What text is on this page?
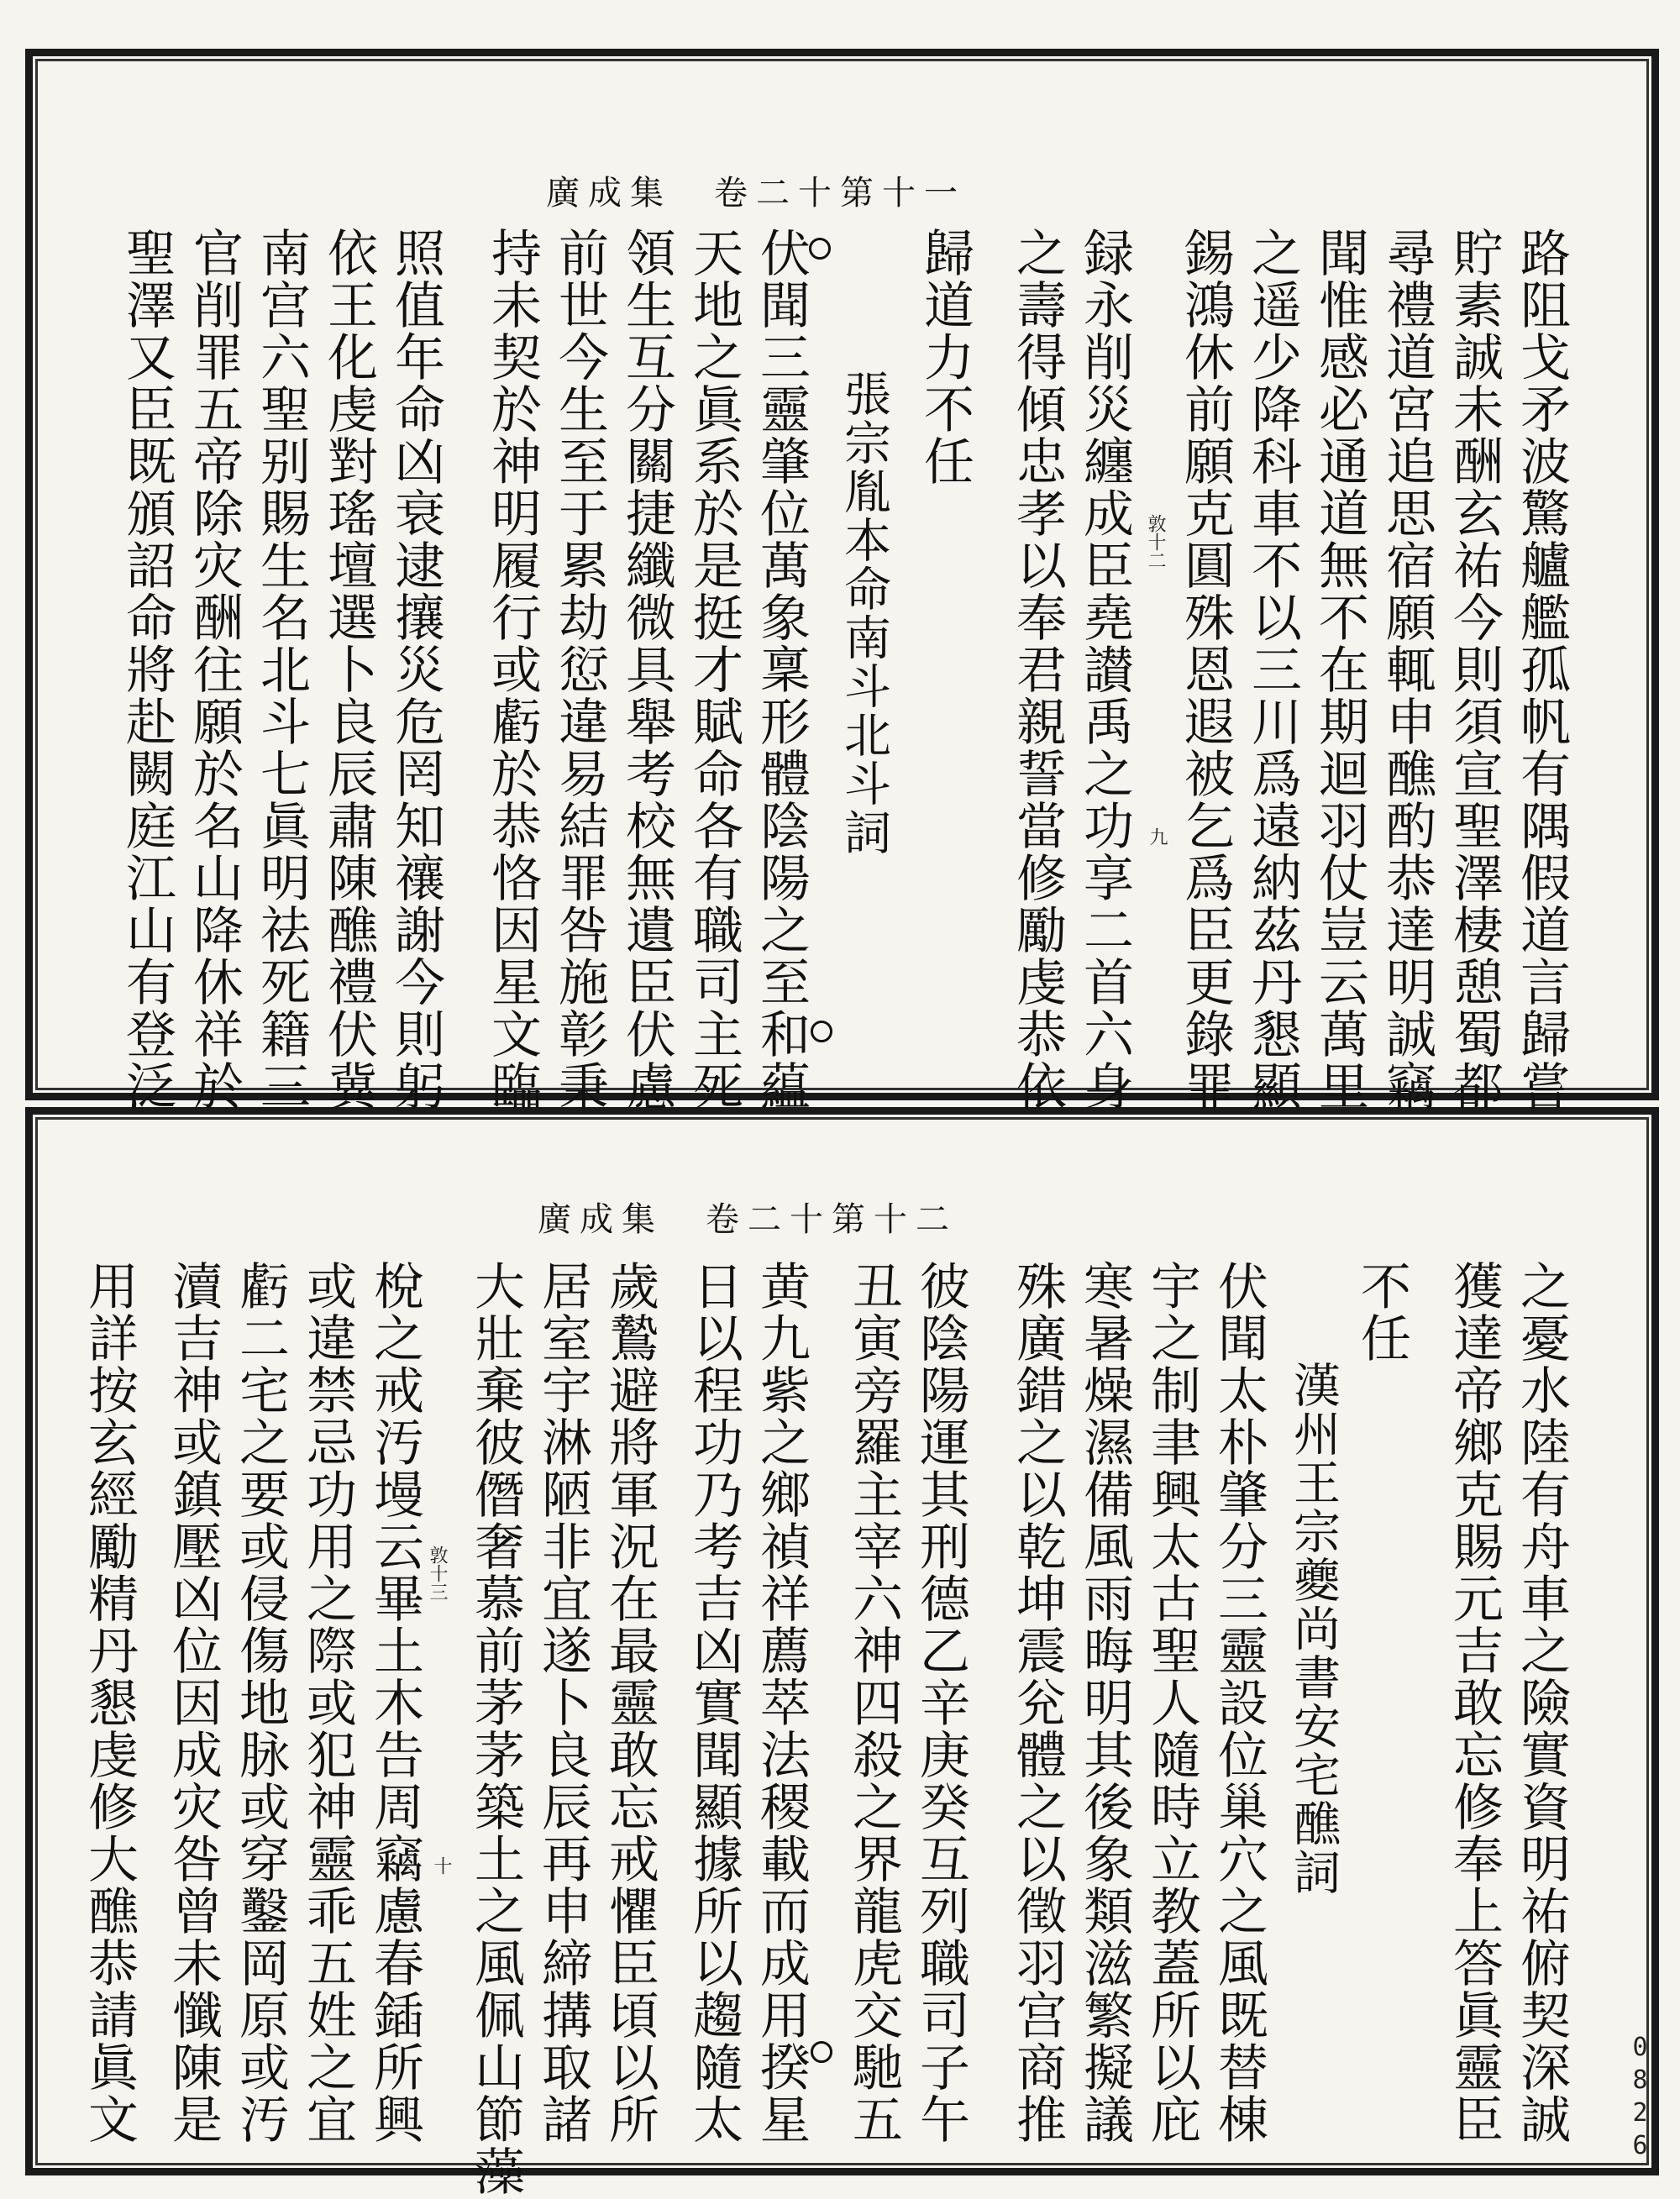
廣成集　卷二十第十一
廣成集　卷二十第十二
路阻戈矛波驚艫艦孤帆有隅假道言歸嘗
貯素誠未酬玄祐今則須宣聖澤棲憩蜀都
尋禮道宮追思宿願輒申醮酌恭達明誠竊
聞惟感必通道無不在期迴羽仗豈云萬里
之遥少降科車不以三川爲遠納茲丹懇顯
錫鴻休前願克圓殊恩遐被乞爲臣更錄罪
録永削災纏成臣堯讃禹之功享二首六身
之壽得傾忠孝以奉君親誓當修勵虔恭依
歸道力不任
張宗胤本命南斗北斗詞
伏聞三靈肇位萬象稟形體陰陽之至和藴
天地之眞系於是挺才賦命各有職司主死
領生互分關捷纖微具舉考校無遺臣伏慮
前世今生至于累劫愆違易結罪咎施彰秉
持未契於神明履行或虧於恭恪因星文臨
照值年命凶衰逮攘災危罔知禳謝今則躬
依王化虔對瑤壇選卜良辰肅陳醮禮伏冀
南宫六聖别賜生名北斗七眞明祛死籍三
官削罪五帝除灾酬往願於名山降休祥於
聖澤又臣既頒詔命將赴闕庭江山有登泛	敦十二
九
之憂水陸有舟車之險實資明祐俯契深誠
獲達帝鄉克賜元吉敢忘修奉上答眞靈臣
不任
漢州王宗夔尚書安宅醮詞
伏聞太朴肇分三靈設位巢穴之風既替棟
宇之制聿興太古聖人隨時立教蓋所以庇
寒暑燥濕備風雨晦明其後象類滋繁擬議
殊廣錯之以乾坤震兊體之以徵羽宫商推
彼陰陽運其刑德乙辛庚癸互列職司子午
丑寅旁羅主宰六神四殺之界龍虎交馳五
黄九紫之鄉禎祥薦萃法稷載而成用揆星
日以程功乃考吉凶實聞顯據所以趨隨太
歲鷙避將軍況在最靈敢忘戒懼臣頃以所
居室宇淋陋非宜遂卜良辰再申締搆取諸
大壯棄彼僭奢慕前茅茅築土之風佩山節藻
梲之戒汚墁云畢土木告周竊慮春鍤所興
或違禁忌功用之際或犯神靈乖五姓之宜
虧二宅之要或侵傷地脉或穿鑿岡原或汚
瀆吉神或鎮壓凶位因成灾咎曾未懺陳是
用詳按玄經勵精丹懇虔修大醮恭請眞文	敦十三
十
0826
